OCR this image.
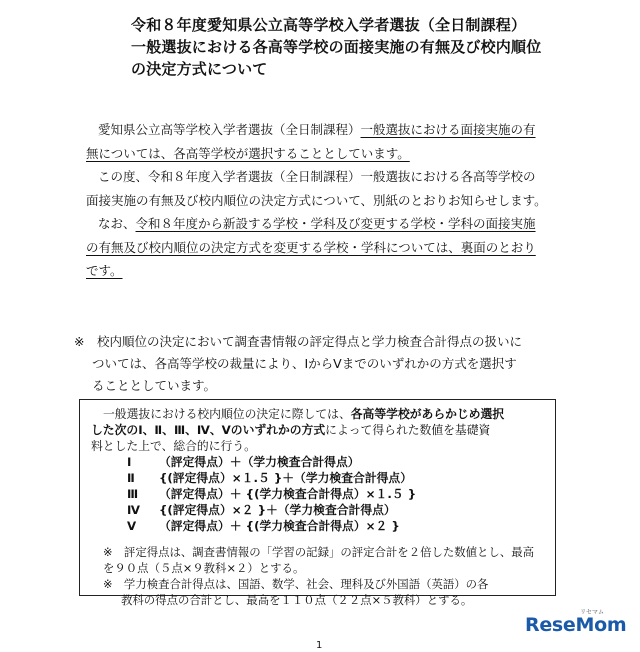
令和８年度愛知県公立高等学校入学者選抜（全日制課程）
一般選抜における各高等学校の面接実施の有無及び校内順位
の決定方式について

愛知県公立高等学校入学者選抜（全日制課程）一般選抜における面接実施の有

無については、各高等学校が選択することとしています。

この度、令和８年度入学者選抜（全日制課程）一般選抜における各高等学校の

面接実施の有無及び校内順位の決定方式について、別紙のとおりお知らせします。

なお、令和８年度から新設する学校・学科及び変更する学校・学科の面接実施

の有無及び校内順位の決定方式を変更する学校・学科については、裏面のとおり

です。

※　校内順位の決定において調査書情報の評定得点と学力検査合計得点の扱いに

ついては、各高等学校の裁量により、ⅠからⅤまでのいずれかの方式を選択す

ることとしています。

一般選抜における校内順位の決定に際しては、各高等学校があらかじめ選択

した次のⅠ、Ⅱ、Ⅲ、Ⅳ、Ⅴのいずれかの方式によって得られた数値を基礎資

料とした上で、総合的に行う。

Ⅰ （評定得点）＋（学力検査合計得点）
Ⅱ {(評定得点）×１.５ }＋（学力検査合計得点）
Ⅲ （評定得点）＋ {(学力検査合計得点）×１.５ }
Ⅳ {(評定得点）×２ }＋（学力検査合計得点）
Ⅴ （評定得点）＋ {(学力検査合計得点）×２ }

※　評定得点は、調査書情報の「学習の記録」の評定合計を２倍した数値とし、最高を９０点（５点×９教科×２）とする。

※　学力検査合計得点は、国語、数学、社会、理科及び外国語（英語）の各

教科の得点の合計とし、最高を１１０点（２２点×５教科）とする。

リセマム
ReseMom
1
